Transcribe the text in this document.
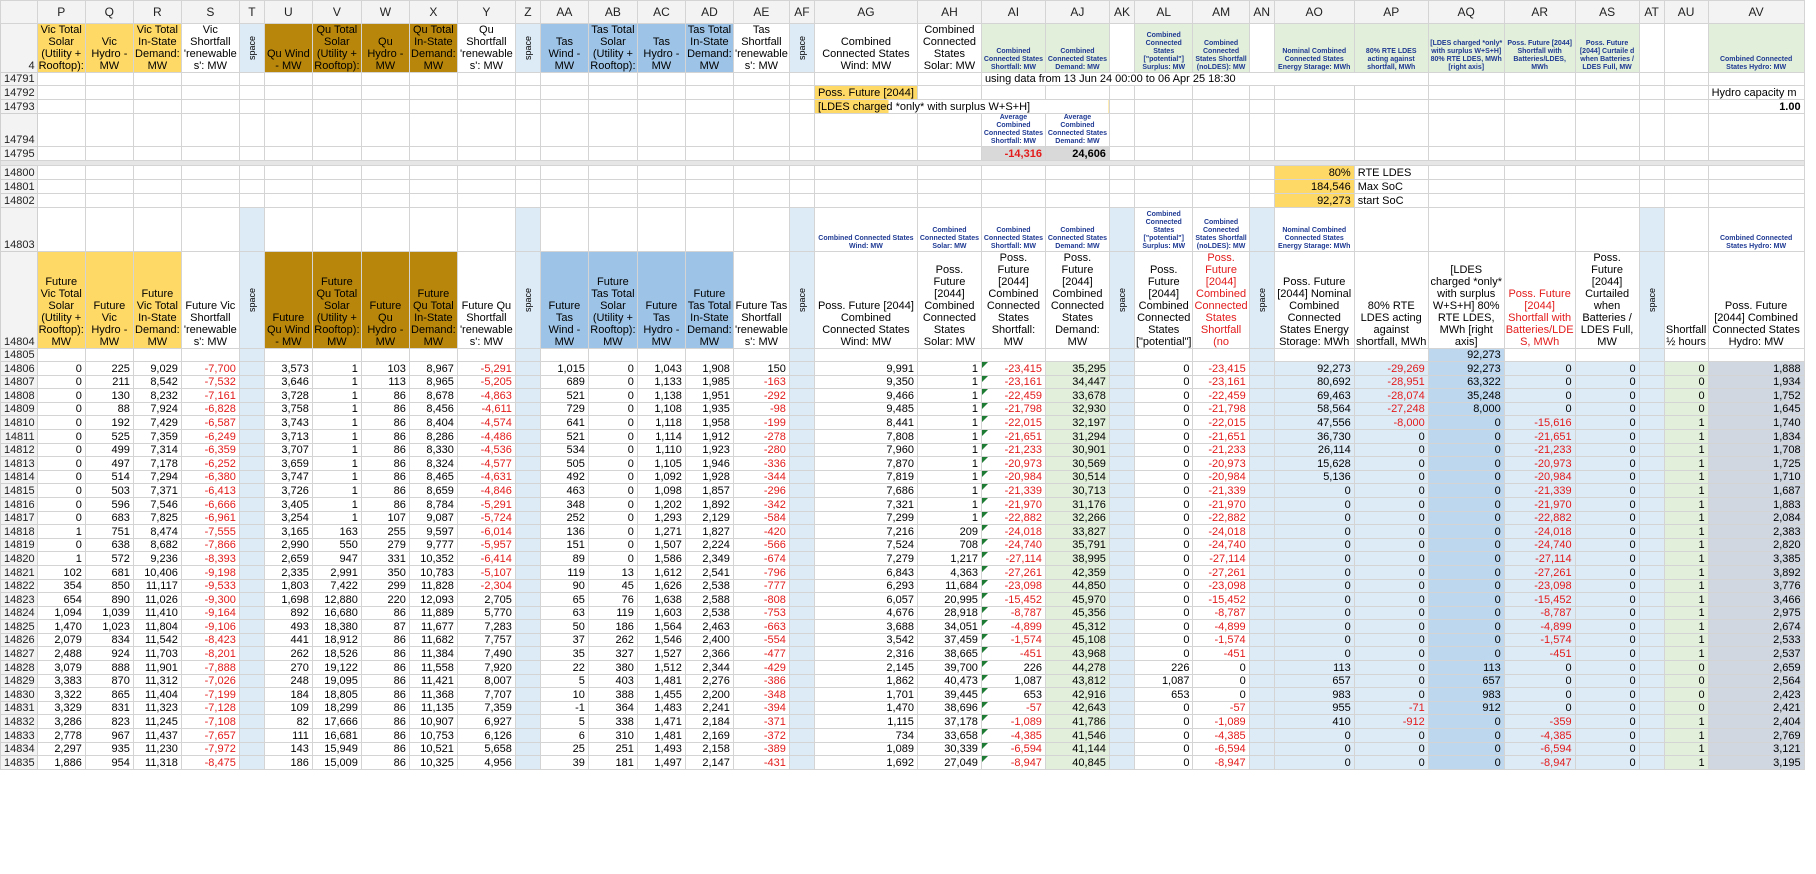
	P	Q	R	S	T	U	V	W	X	Y	Z	AA	AB	AC	AD	AE	AF	AG	AH	AI	AJ	AK	AL	AM	AN	AO	AP	AQ	AR	AS	AT	AU	AV
4	Vic Total Solar (Utility + Rooftop):	Vic Hydro - MW	Vic Total In-State Demand: MW	Vic Shortfall 'renewable s': MW	space	Qu Wind - MW	Qu Total Solar (Utility + Rooftop):	Qu Hydro - MW	Qu Total In-State Demand: MW	Qu Shortfall 'renewable s': MW	space	Tas Wind - MW	Tas Total Solar (Utility + Rooftop):	Tas Hydro - MW	Tas Total In-State Demand: MW	Tas Shortfall 'renewable s': MW	space	Combined Connected States Wind: MW	Combined Connected States Solar: MW	Combined Connected States Shortfall: MW	Combined Connected States Demand: MW		Combined Connected States ["potential"] Surplus: MW	Combined Connected States Shortfall (noLDES): MW		Nominal Combined Connected States Energy Starage: MWh	80% RTE LDES acting against shortfall, MWh	[LDES charged *only* with surplus W+S+H] 80% RTE LDES, MWh [right axis]	Poss. Future [2044] Shortfall with Batteries/LDES, MWh	Poss. Future [2044] Curtaile d when Batteries / LDES Full, MW			Combined Connected States Hydro: MW
14791																				using data from 13 Jun 24 00:00 to 06 Apr 25 18:30													
14792																		Poss. Future [2044]															Hydro capacity m
14793																		[LDES charged *only* with surplus W+S+H]															1.00
14794																				Average Combined Connected States Shortfall: MW	Average Combined Connected States Demand: MW												
14795																				-14,316	24,606												

14800																										80%	RTE LDES						
14801																										184,546	Max SoC						
14802																										92,273	start SoC						
14803																		Combined Connected States Wind: MW	Combined Connected States Solar: MW	Combined Connected States Shortfall: MW	Combined Connected States Demand: MW		Combined Connected States ["potential"] Surplus: MW	Combined Connected States Shortfall (noLDES): MW		Nominal Combined Connected States Energy Starage: MWh							Combined Connected States Hydro: MW
14804	Future Vic Total Solar (Utility + Rooftop): MW	Future Vic Hydro - MW	Future Vic Total In-State Demand: MW	Future Vic Shortfall 'renewable s': MW	space	Future Qu Wind - MW	Future Qu Total Solar (Utility + Rooftop): MW	Future Qu Hydro - MW	Future Qu Total In-State Demand: MW	Future Qu Shortfall 'renewable s': MW	space	Future Tas Wind - MW	Future Tas Total Solar (Utility + Rooftop): MW	Future Tas Hydro - MW	Future Tas Total In-State Demand: MW	Future Tas Shortfall 'renewable s': MW	space	Poss. Future [2044] Combined Connected States Wind: MW	Poss. Future [2044] Combined Connected States Solar: MW	Poss. Future [2044] Combined Connected States Shortfall: MW	Poss. Future [2044] Combined Connected States Demand: MW	space	Poss. Future [2044] Combined Connected States ["potential"]	Poss. Future [2044] Combined Connected States Shortfall (no	space	Poss. Future [2044] Nominal Combined Connected States Energy Storage: MWh	80% RTE LDES acting against shortfall, MWh	[LDES charged *only* with surplus W+S+H] 80% RTE LDES, MWh [right axis]	Poss. Future [2044] Shortfall with Batteries/LDE S, MWh	Poss. Future [2044] Curtailed when Batteries / LDES Full, MW	space	Shortfall ½ hours	Poss. Future [2044] Combined Connected States Hydro: MW
14805																												92,273					
14806	0	225	9,029	-7,700		3,573	1	103	8,967	-5,291		1,015	0	1,043	1,908	150		9,991	1	-23,415	35,295		0	-23,415		92,273	-29,269	92,273	0	0		0	1,888
14807	0	211	8,542	-7,532		3,646	1	113	8,965	-5,205		689	0	1,133	1,985	-163		9,350	1	-23,161	34,447		0	-23,161		80,692	-28,951	63,322	0	0		0	1,934
14808	0	130	8,232	-7,161		3,728	1	86	8,678	-4,863		521	0	1,138	1,951	-292		9,466	1	-22,459	33,678		0	-22,459		69,463	-28,074	35,248	0	0		0	1,752
14809	0	88	7,924	-6,828		3,758	1	86	8,456	-4,611		729	0	1,108	1,935	-98		9,485	1	-21,798	32,930		0	-21,798		58,564	-27,248	8,000	0	0		0	1,645
14810	0	192	7,429	-6,587		3,743	1	86	8,404	-4,574		641	0	1,118	1,958	-199		8,441	1	-22,015	32,197		0	-22,015		47,556	-8,000	0	-15,616	0		1	1,740
14811	0	525	7,359	-6,249		3,713	1	86	8,286	-4,486		521	0	1,114	1,912	-278		7,808	1	-21,651	31,294		0	-21,651		36,730	0	0	-21,651	0		1	1,834
14812	0	499	7,314	-6,359		3,707	1	86	8,330	-4,536		534	0	1,110	1,923	-280		7,960	1	-21,233	30,901		0	-21,233		26,114	0	0	-21,233	0		1	1,708
14813	0	497	7,178	-6,252		3,659	1	86	8,324	-4,577		505	0	1,105	1,946	-336		7,870	1	-20,973	30,569		0	-20,973		15,628	0	0	-20,973	0		1	1,725
14814	0	514	7,294	-6,380		3,747	1	86	8,465	-4,631		492	0	1,092	1,928	-344		7,819	1	-20,984	30,514		0	-20,984		5,136	0	0	-20,984	0		1	1,710
14815	0	503	7,371	-6,413		3,726	1	86	8,659	-4,846		463	0	1,098	1,857	-296		7,686	1	-21,339	30,713		0	-21,339		0	0	0	-21,339	0		1	1,687
14816	0	596	7,546	-6,666		3,405	1	86	8,784	-5,291		348	0	1,202	1,892	-342		7,321	1	-21,970	31,176		0	-21,970		0	0	0	-21,970	0		1	1,883
14817	0	683	7,825	-6,961		3,254	1	107	9,087	-5,724		252	0	1,293	2,129	-584		7,299	1	-22,882	32,266		0	-22,882		0	0	0	-22,882	0		1	2,084
14818	1	751	8,474	-7,555		3,165	163	255	9,597	-6,014		136	0	1,271	1,827	-420		7,216	209	-24,018	33,827		0	-24,018		0	0	0	-24,018	0		1	2,383
14819	0	638	8,682	-7,866		2,990	550	279	9,777	-5,957		151	0	1,507	2,224	-566		7,524	708	-24,740	35,791		0	-24,740		0	0	0	-24,740	0		1	2,820
14820	1	572	9,236	-8,393		2,659	947	331	10,352	-6,414		89	0	1,586	2,349	-674		7,279	1,217	-27,114	38,995		0	-27,114		0	0	0	-27,114	0		1	3,385
14821	102	681	10,406	-9,198		2,335	2,991	350	10,783	-5,107		119	13	1,612	2,541	-796		6,843	4,363	-27,261	42,359		0	-27,261		0	0	0	-27,261	0		1	3,892
14822	354	850	11,117	-9,533		1,803	7,422	299	11,828	-2,304		90	45	1,626	2,538	-777		6,293	11,684	-23,098	44,850		0	-23,098		0	0	0	-23,098	0		1	3,776
14823	654	890	11,026	-9,300		1,698	12,880	220	12,093	2,705		65	76	1,638	2,588	-808		6,057	20,995	-15,452	45,970		0	-15,452		0	0	0	-15,452	0		1	3,466
14824	1,094	1,039	11,410	-9,164		892	16,680	86	11,889	5,770		63	119	1,603	2,538	-753		4,676	28,918	-8,787	45,356		0	-8,787		0	0	0	-8,787	0		1	2,975
14825	1,470	1,023	11,804	-9,106		493	18,380	87	11,677	7,283		50	186	1,564	2,463	-663		3,688	34,051	-4,899	45,312		0	-4,899		0	0	0	-4,899	0		1	2,674
14826	2,079	834	11,542	-8,423		441	18,912	86	11,682	7,757		37	262	1,546	2,400	-554		3,542	37,459	-1,574	45,108		0	-1,574		0	0	0	-1,574	0		1	2,533
14827	2,488	924	11,703	-8,201		262	18,526	86	11,384	7,490		35	327	1,527	2,366	-477		2,316	38,665	-451	43,968		0	-451		0	0	0	-451	0		1	2,537
14828	3,079	888	11,901	-7,888		270	19,122	86	11,558	7,920		22	380	1,512	2,344	-429		2,145	39,700	226	44,278		226	0		113	0	113	0	0		0	2,659
14829	3,383	870	11,312	-7,026		248	19,095	86	11,421	8,007		5	403	1,481	2,276	-386		1,862	40,473	1,087	43,812		1,087	0		657	0	657	0	0		0	2,564
14830	3,322	865	11,404	-7,199		184	18,805	86	11,368	7,707		10	388	1,455	2,200	-348		1,701	39,445	653	42,916		653	0		983	0	983	0	0		0	2,423
14831	3,329	831	11,323	-7,128		109	18,299	86	11,135	7,359		-1	364	1,483	2,241	-394		1,470	38,696	-57	42,643		0	-57		955	-71	912	0	0		0	2,421
14832	3,286	823	11,245	-7,108		82	17,666	86	10,907	6,927		5	338	1,471	2,184	-371		1,115	37,178	-1,089	41,786		0	-1,089		410	-912	0	-359	0		1	2,404
14833	2,778	967	11,437	-7,657		111	16,681	86	10,753	6,126		6	310	1,481	2,169	-372		734	33,658	-4,385	41,546		0	-4,385		0	0	0	-4,385	0		1	2,769
14834	2,297	935	11,230	-7,972		143	15,949	86	10,521	5,658		25	251	1,493	2,158	-389		1,089	30,339	-6,594	41,144		0	-6,594		0	0	0	-6,594	0		1	3,121
14835	1,886	954	11,318	-8,475		186	15,009	86	10,325	4,956		39	181	1,497	2,147	-431		1,692	27,049	-8,947	40,845		0	-8,947		0	0	0	-8,947	0		1	3,195
